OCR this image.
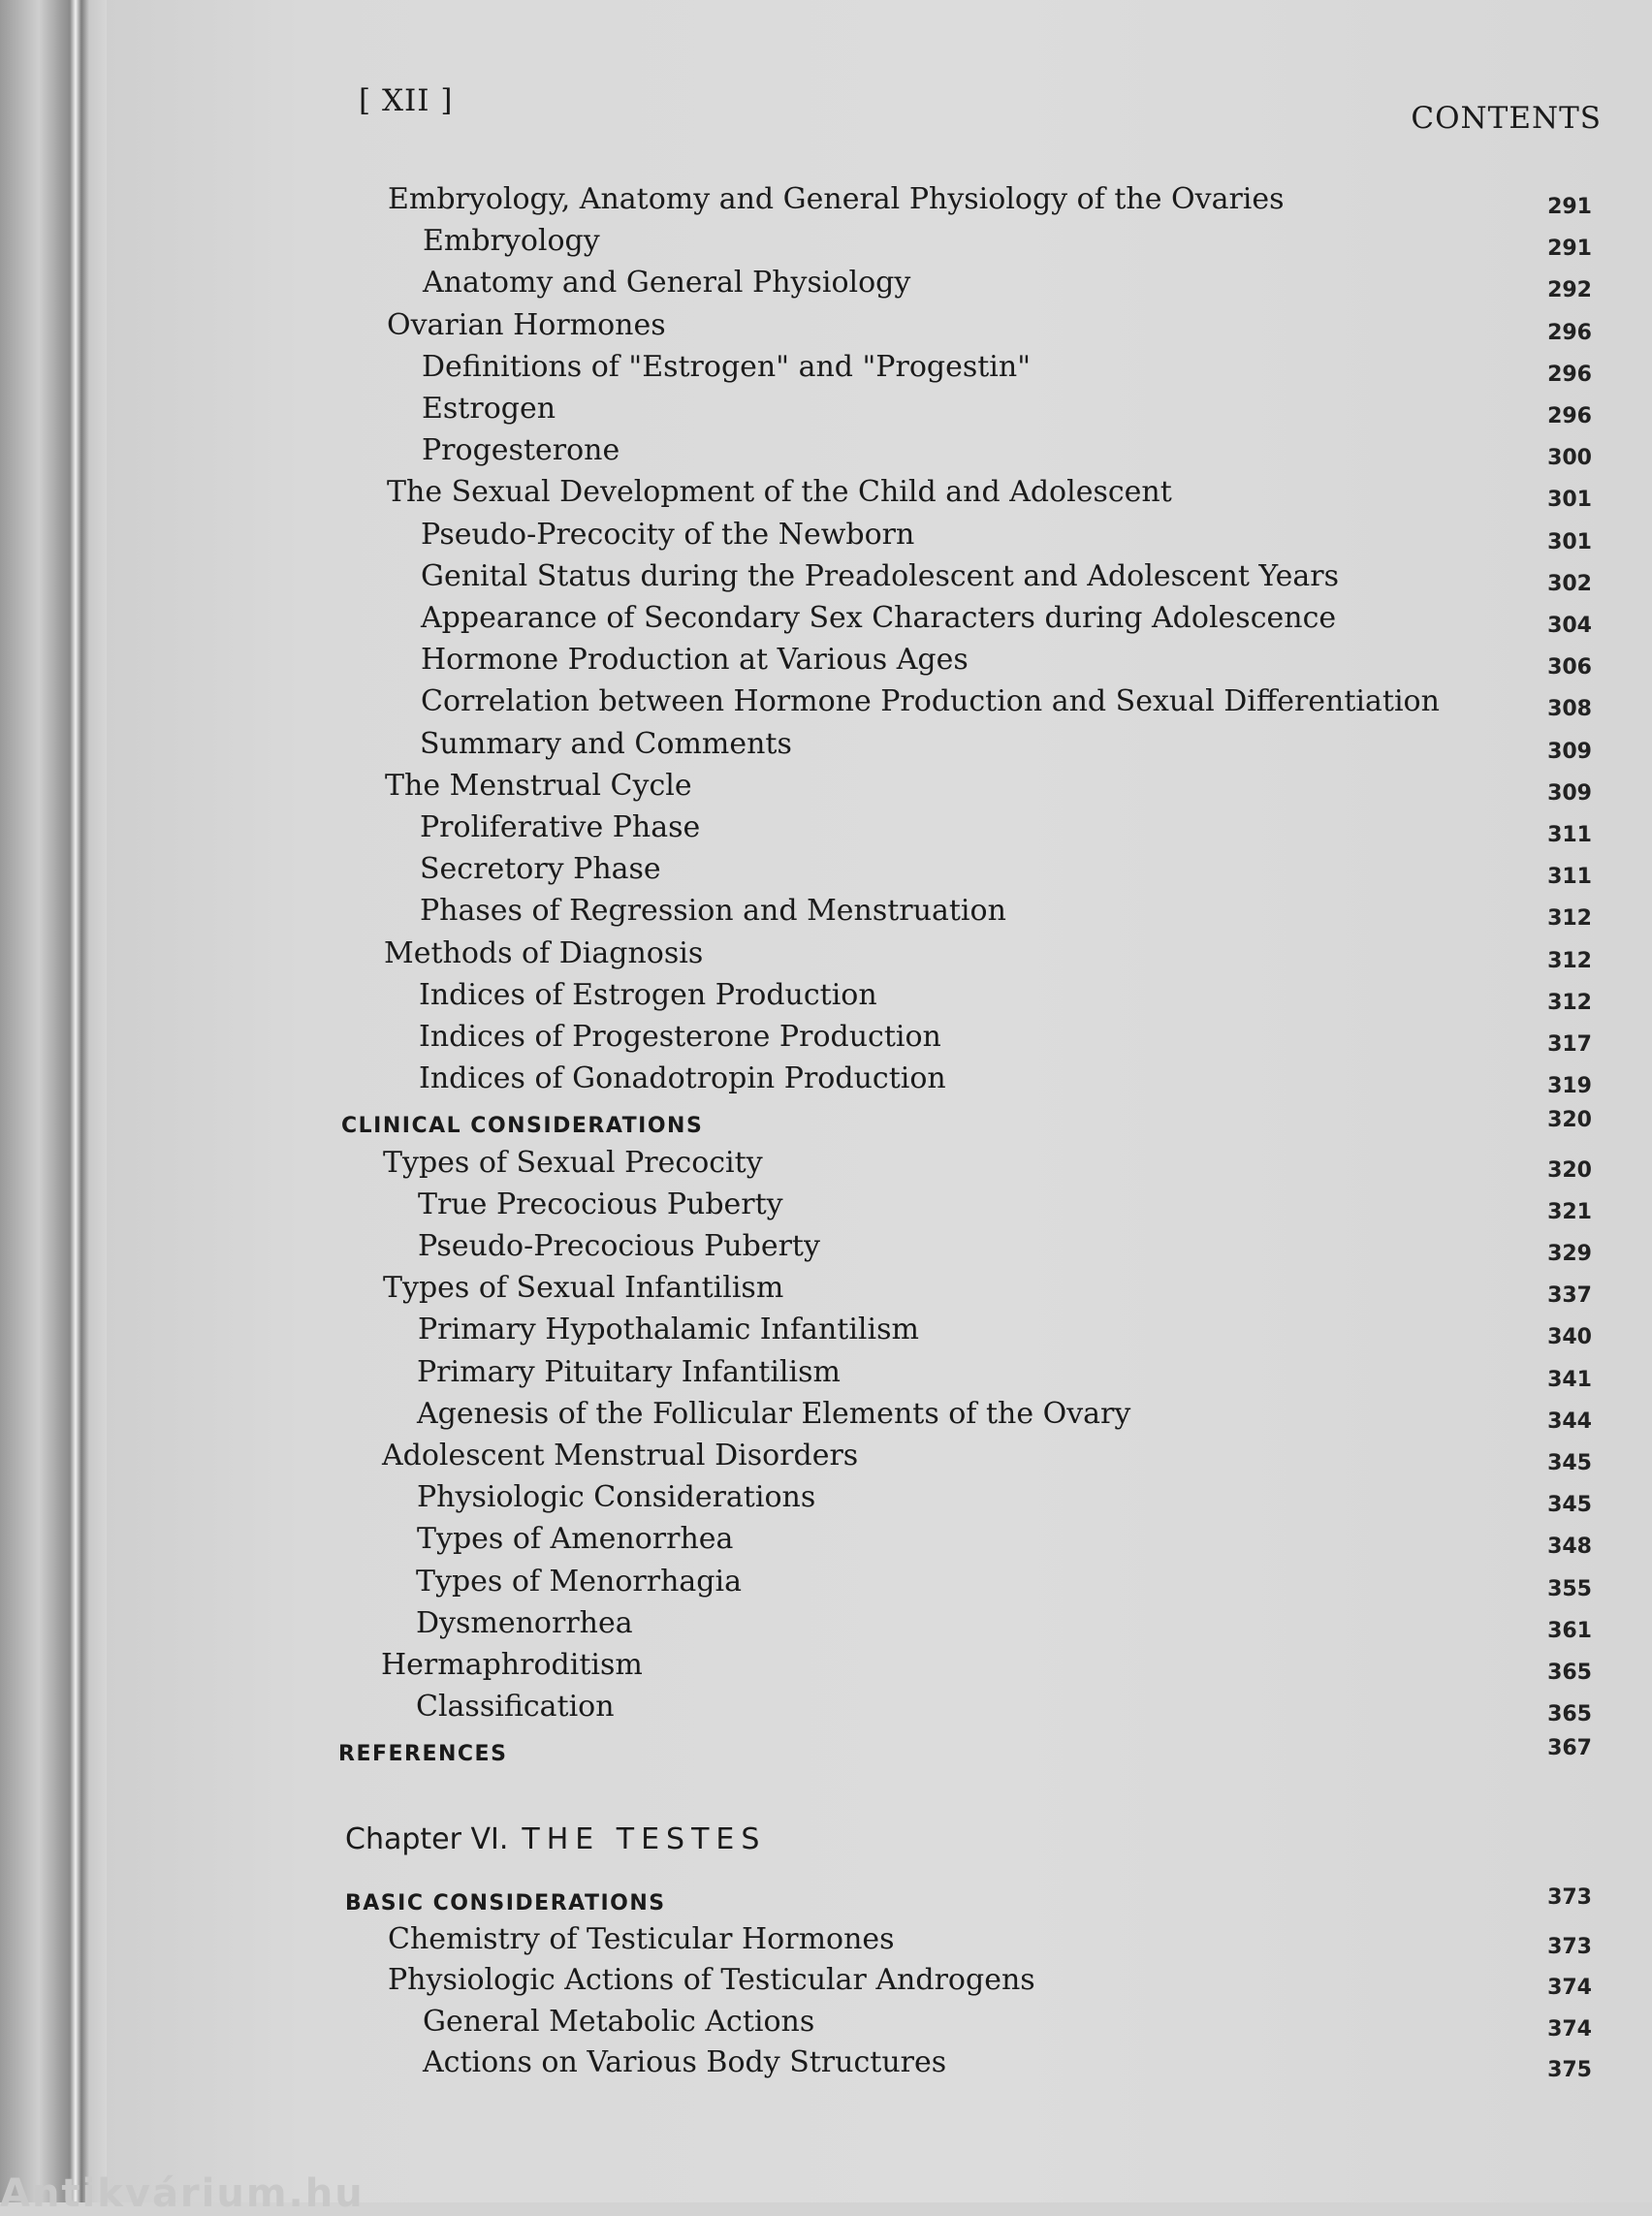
[ XII ]	CONTENTS
Embryology, Anatomy and General Physiology of the Ovaries	291
Embryology	291
Anatomy and General Physiology	292
Ovarian Hormones	296
Definitions of "Estrogen" and "Progestin"	296
Estrogen	296
Progesterone	300
The Sexual Development of the Child and Adolescent	301
Pseudo-Precocity of the Newborn	301
Genital Status during the Preadolescent and Adolescent Years	302
Appearance of Secondary Sex Characters during Adolescence	304
Hormone Production at Various Ages	306
Correlation between Hormone Production and Sexual Differentiation	308
Summary and Comments	309
The Menstrual Cycle	309
Proliferative Phase	311
Secretory Phase	311
Phases of Regression and Menstruation	312
Methods of Diagnosis	312
Indices of Estrogen Production	312
Indices of Progesterone Production	317
Indices of Gonadotropin Production	319
CLINICAL CONSIDERATIONS	320
Types of Sexual Precocity	320
True Precocious Puberty	321
Pseudo-Precocious Puberty	329
Types of Sexual Infantilism	337
Primary Hypothalamic Infantilism	340
Primary Pituitary Infantilism	341
Agenesis of the Follicular Elements of the Ovary	344
Adolescent Menstrual Disorders	345
Physiologic Considerations	345
Types of Amenorrhea	348
Types of Menorrhagia	355
Dysmenorrhea	361
Hermaphroditism	365
Classification	365
REFERENCES	367
BASIC CONSIDERATIONS	373
Chemistry of Testicular Hormones	373
Physiologic Actions of Testicular Androgens	374
General Metabolic Actions	374
Actions on Various Body Structures	375
Chapter VI. THE TESTES
Antikvárium.hu
